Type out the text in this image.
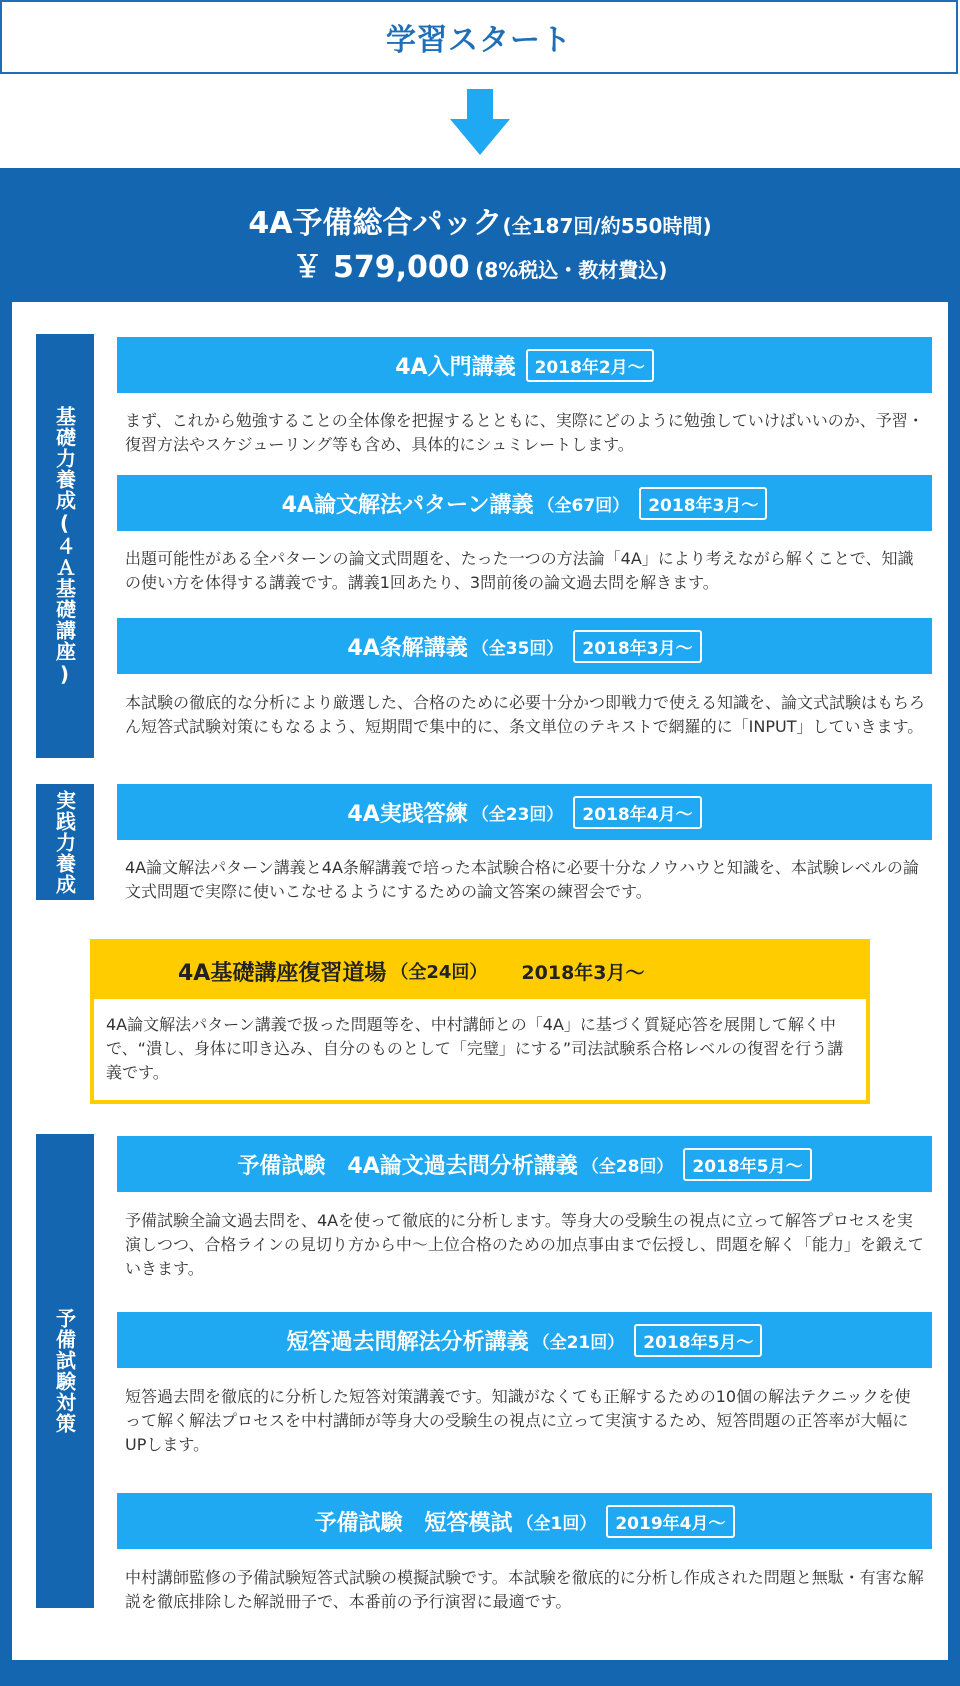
学習スタート
4A予備総合パック(全187回/約550時間)
￥ 579,000 (8%税込・教材費込)
基礎力養成(４Ａ基礎講座)
実践力養成
予備試験対策
4A入門講義	2018年2月〜
まず、これから勉強することの全体像を把握するとともに、実際にどのように勉強していけばいいのか、予習・復習方法やスケジューリング等も含め、具体的にシュミレートします。
4A論文解法パターン講義 （全67回）	2018年3月〜
出題可能性がある全パターンの論文式問題を、たった一つの方法論「4A」により考えながら解くことで、知識の使い方を体得する講義です。講義1回あたり、3問前後の論文過去問を解きます。
4A条解講義 （全35回）	2018年3月〜
本試験の徹底的な分析により厳選した、合格のために必要十分かつ即戦力で使える知識を、論文式試験はもちろん短答式試験対策にもなるよう、短期間で集中的に、条文単位のテキストで網羅的に「INPUT」していきます。
4A実践答練 （全23回）	2018年4月〜
4A論文解法パターン講義と4A条解講義で培った本試験合格に必要十分なノウハウと知識を、本試験レベルの論文式問題で実際に使いこなせるようにするための論文答案の練習会です。
4A基礎講座復習道場 （全24回） 2018年3月〜
4A論文解法パターン講義で扱った問題等を、中村講師との「4A」に基づく質疑応答を展開して解く中で、“潰し、身体に叩き込み、自分のものとして「完璧」にする”司法試験系合格レベルの復習を行う講義です。
予備試験　4A論文過去問分析講義 （全28回）	2018年5月〜
予備試験全論文過去問を、4Aを使って徹底的に分析します。等身大の受験生の視点に立って解答プロセスを実演しつつ、合格ラインの見切り方から中〜上位合格のための加点事由まで伝授し、問題を解く「能力」を鍛えていきます。
短答過去問解法分析講義 （全21回）	2018年5月〜
短答過去問を徹底的に分析した短答対策講義です。知識がなくても正解するための10個の解法テクニックを使って解く解法プロセスを中村講師が等身大の受験生の視点に立って実演するため、短答問題の正答率が大幅にUPします。
予備試験　短答模試 （全1回）	2019年4月〜
中村講師監修の予備試験短答式試験の模擬試験です。本試験を徹底的に分析し作成された問題と無駄・有害な解説を徹底排除した解説冊子で、本番前の予行演習に最適です。
